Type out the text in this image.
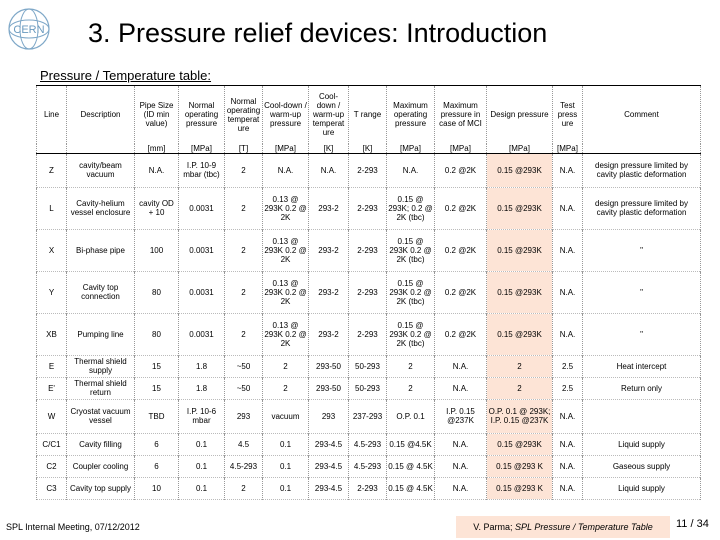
CERN 3. Pressure relief devices: Introduction
Pressure / Temperature table:
Line	Description	Pipe Size (ID min value)	Normal operating pressure	Normal operating temperat ure	Cool-down / warm-up pressure	Cool-down / warm-up temperat ure	T range	Maximum operating pressure	Maximum pressure in case of MCI	Design pressure	Test press ure	Comment
		[mm]	[MPa]	[T]	[MPa]	[K]	[K]	[MPa]	[MPa]	[MPa]	[MPa]	
Z	cavity/beam vacuum	N.A.	I.P. 10-9 mbar (tbc)	2	N.A.	N.A.	2-293	N.A.	0.2 @2K	0.15 @293K	N.A.	design pressure limited by cavity plastic deformation
L	Cavity-helium vessel enclosure	cavity OD + 10	0.0031	2	0.13 @ 293K 0.2 @ 2K	293-2	2-293	0.15 @ 293K; 0.2 @ 2K (tbc)	0.2 @2K	0.15 @293K	N.A.	design pressure limited by cavity plastic deformation
X	Bi-phase pipe	100	0.0031	2	0.13 @ 293K 0.2 @ 2K	293-2	2-293	0.15 @ 293K 0.2 @ 2K (tbc)	0.2 @2K	0.15 @293K	N.A.	"
Y	Cavity top connection	80	0.0031	2	0.13 @ 293K 0.2 @ 2K	293-2	2-293	0.15 @ 293K 0.2 @ 2K (tbc)	0.2 @2K	0.15 @293K	N.A.	"
XB	Pumping line	80	0.0031	2	0.13 @ 293K 0.2 @ 2K	293-2	2-293	0.15 @ 293K 0.2 @ 2K (tbc)	0.2 @2K	0.15 @293K	N.A.	"
E	Thermal shield supply	15	1.8	~50	2	293-50	50-293	2	N.A.	2	2.5	Heat intercept
E'	Thermal shield return	15	1.8	~50	2	293-50	50-293	2	N.A.	2	2.5	Return only
W	Cryostat vacuum vessel	TBD	I.P. 10-6 mbar	293	vacuum	293	237-293	O.P. 0.1	I.P. 0.15 @237K	O.P. 0.1 @ 293K; I.P. 0.15 @237K	N.A.	
C/C1	Cavity filling	6	0.1	4.5	0.1	293-4.5	4.5-293	0.15 @4.5K	N.A.	0.15 @293K	N.A.	Liquid supply
C2	Coupler cooling	6	0.1	4.5-293	0.1	293-4.5	4.5-293	0.15 @ 4.5K	N.A.	0.15 @293 K	N.A.	Gaseous supply
C3	Cavity top supply	10	0.1	2	0.1	293-4.5	2-293	0.15 @ 4.5K	N.A.	0.15 @293 K	N.A.	Liquid supply
SPL Internal Meeting, 07/12/2012	V. Parma; SPL Pressure / Temperature Table	11 / 34
